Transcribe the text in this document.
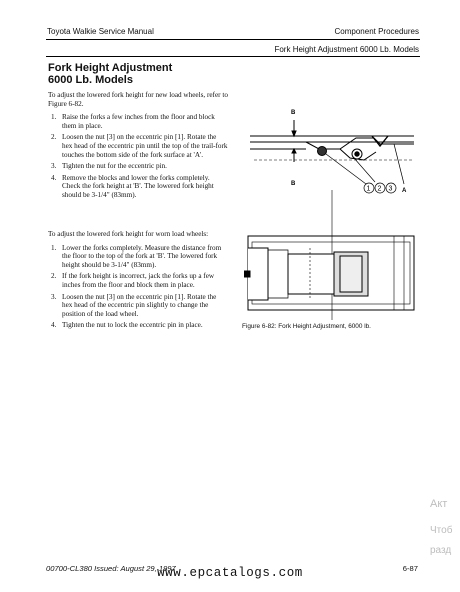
Toyota Walkie Service Manual	Component Procedures
Fork Height Adjustment 6000 Lb. Models
Fork Height Adjustment
6000 Lb. Models

To adjust the lowered fork height for new load wheels, refer to Figure 6-82.

1. Raise the forks a few inches from the floor and block them in place.
2. Loosen the nut [3] on the eccentric pin [1]. Rotate the hex head of the eccentric pin until the top of the trail-fork touches the bottom side of the fork surface at 'A'.
3. Tighten the nut for the eccentric pin.
4. Remove the blocks and lower the forks completely. Check the fork height at 'B'. The lowered fork height should be 3-1/4" (83mm).

To adjust the lowered fork height for worn load wheels:

1. Lower the forks completely. Measure the distance from the floor to the top of the fork at 'B'. The lowered fork height should be 3-1/4" (83mm).
2. If the fork height is incorrect, jack the forks up a few inches from the floor and block them in place.
3. Loosen the nut [3] on the eccentric pin [1]. Rotate the hex head of the eccentric pin slightly to change the position of the load wheel.
4. Tighten the nut to lock the eccentric pin in place.
B
B
A
1 2 3
Figure 6-82: Fork Height Adjustment, 6000 lb.
Акт
Чтоб
разд
00700-CL380 Issued: August 29, 1997	6-87
www.epcatalogs.com
